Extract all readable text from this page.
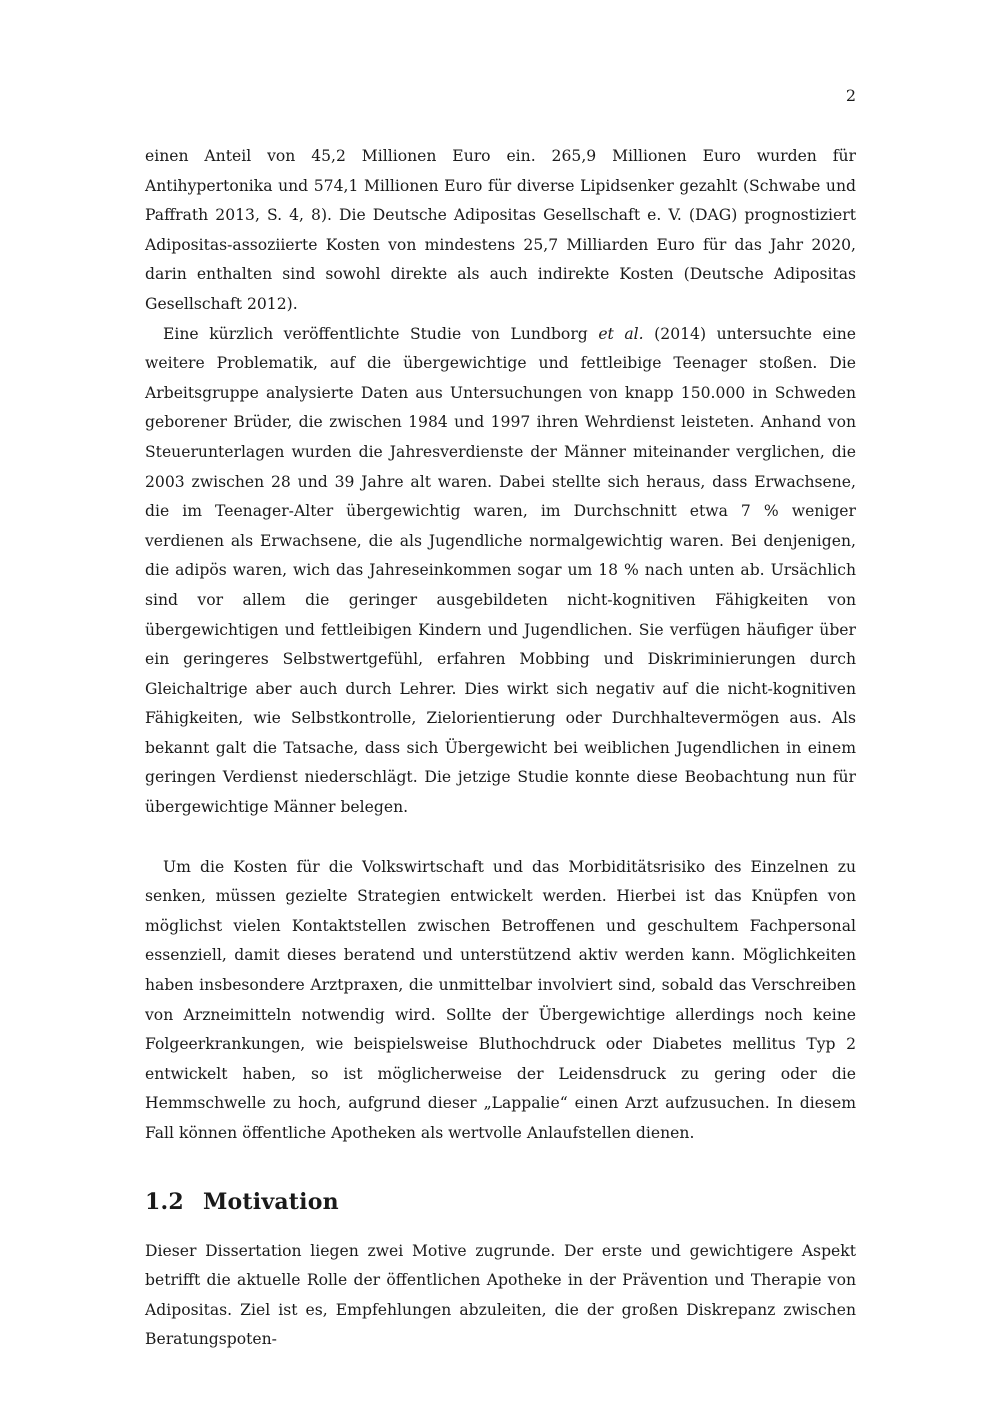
2

einen Anteil von 45,2 Millionen Euro ein. 265,9 Millionen Euro wurden für Antihypertonika und 574,1 Millionen Euro für diverse Lipidsenker gezahlt (Schwabe und Paffrath 2013, S. 4, 8). Die Deutsche Adipositas Gesellschaft e. V. (DAG) prognostiziert Adipositas-assoziierte Kosten von mindestens 25,7 Milliarden Euro für das Jahr 2020, darin enthalten sind sowohl direkte als auch indirekte Kosten (Deutsche Adipositas Gesellschaft 2012).

Eine kürzlich veröffentlichte Studie von Lundborg et al. (2014) untersuchte eine weitere Problematik, auf die übergewichtige und fettleibige Teenager stoßen. Die Arbeitsgruppe analysierte Daten aus Untersuchungen von knapp 150.000 in Schweden geborener Brüder, die zwischen 1984 und 1997 ihren Wehrdienst leisteten. Anhand von Steuerunterlagen wurden die Jahresverdienste der Männer miteinander verglichen, die 2003 zwischen 28 und 39 Jahre alt waren. Dabei stellte sich heraus, dass Erwachsene, die im Teenager-Alter übergewichtig waren, im Durchschnitt etwa 7 % weniger verdienen als Erwachsene, die als Jugendliche normalgewichtig waren. Bei denjenigen, die adipös waren, wich das Jahreseinkommen sogar um 18 % nach unten ab. Ursächlich sind vor allem die geringer ausgebildeten nicht-kognitiven Fähigkeiten von übergewichtigen und fettleibigen Kindern und Jugendlichen. Sie verfügen häufiger über ein geringeres Selbstwertgefühl, erfahren Mobbing und Diskriminierungen durch Gleichaltrige aber auch durch Lehrer. Dies wirkt sich negativ auf die nicht-kognitiven Fähigkeiten, wie Selbstkontrolle, Zielorientierung oder Durchhaltevermögen aus. Als bekannt galt die Tatsache, dass sich Übergewicht bei weiblichen Jugendlichen in einem geringen Verdienst niederschlägt. Die jetzige Studie konnte diese Beobachtung nun für übergewichtige Männer belegen.

Um die Kosten für die Volkswirtschaft und das Morbiditätsrisiko des Einzelnen zu senken, müssen gezielte Strategien entwickelt werden. Hierbei ist das Knüpfen von möglichst vielen Kontaktstellen zwischen Betroffenen und geschultem Fachpersonal essenziell, damit dieses beratend und unterstützend aktiv werden kann. Möglichkeiten haben insbesondere Arztpraxen, die unmittelbar involviert sind, sobald das Verschreiben von Arzneimitteln notwendig wird. Sollte der Übergewichtige allerdings noch keine Folgeerkrankungen, wie beispielsweise Bluthochdruck oder Diabetes mellitus Typ 2 entwickelt haben, so ist möglicherweise der Leidensdruck zu gering oder die Hemmschwelle zu hoch, aufgrund dieser „Lappalie“ einen Arzt aufzusuchen. In diesem Fall können öffentliche Apotheken als wertvolle Anlaufstellen dienen.

1.2 Motivation

Dieser Dissertation liegen zwei Motive zugrunde. Der erste und gewichtigere Aspekt betrifft die aktuelle Rolle der öffentlichen Apotheke in der Prävention und Therapie von Adipositas. Ziel ist es, Empfehlungen abzuleiten, die der großen Diskrepanz zwischen Beratungspoten-
